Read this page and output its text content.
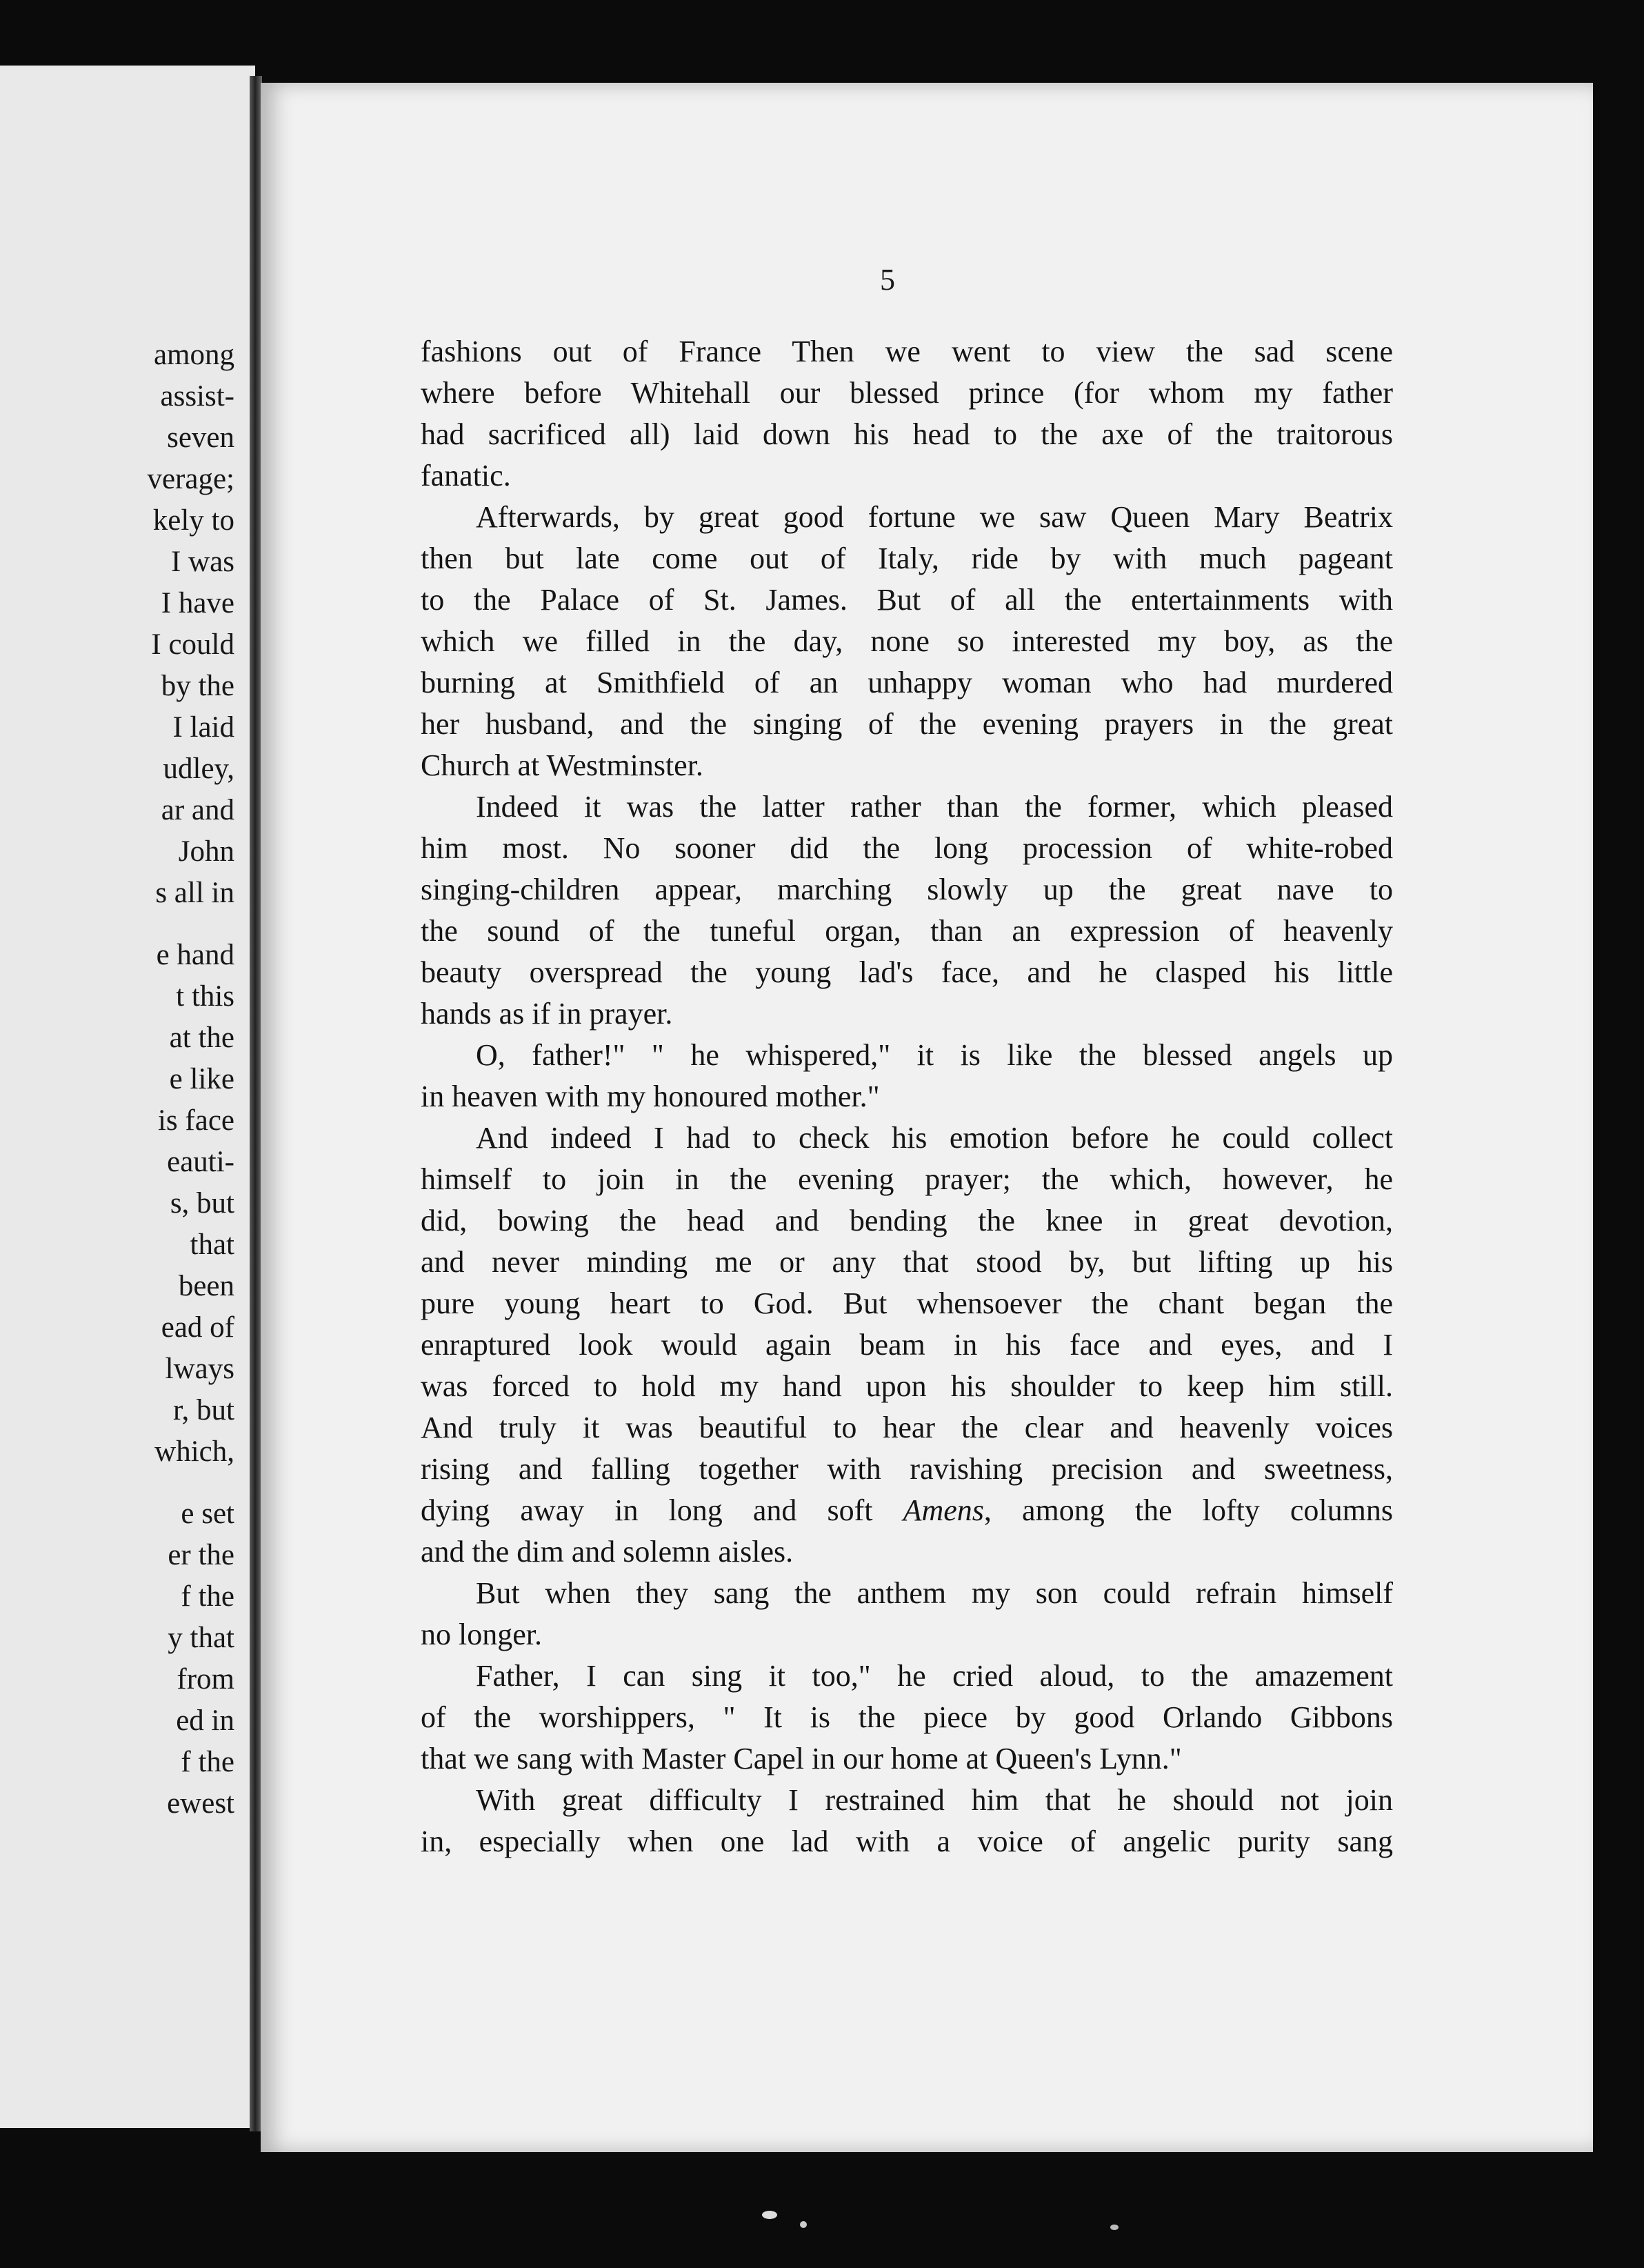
among
assist-
seven
verage;
kely to
I was
I have
I could
by the
I laid
udley,
ar and
John
s all in
e hand
t this
at the
e like
is face
eauti-
s, but
that
been
ead of
lways
r, but
which,
e set
er the
f the
y that
from
ed in
f the
ewest
5
fashions out of France Then we went to view the sad scene
where before Whitehall our blessed prince (for whom my father
had sacrificed all) laid down his head to the axe of the traitorous
fanatic.
Afterwards, by great good fortune we saw Queen Mary Beatrix
then but late come out of Italy, ride by with much pageant
to the Palace of St. James. But of all the entertainments with
which we filled in the day, none so interested my boy, as the
burning at Smithfield of an unhappy woman who had murdered
her husband, and the singing of the evening prayers in the great
Church at Westminster.
Indeed it was the latter rather than the former, which pleased
him most. No sooner did the long procession of white-robed
singing-children appear, marching slowly up the great nave to
the sound of the tuneful organ, than an expression of heavenly
beauty overspread the young lad's face, and he clasped his little
hands as if in prayer.
O, father!" " he whispered," it is like the blessed angels up
in heaven with my honoured mother."
And indeed I had to check his emotion before he could collect
himself to join in the evening prayer; the which, however, he
did, bowing the head and bending the knee in great devotion,
and never minding me or any that stood by, but lifting up his
pure young heart to God. But whensoever the chant began the
enraptured look would again beam in his face and eyes, and I
was forced to hold my hand upon his shoulder to keep him still.
And truly it was beautiful to hear the clear and heavenly voices
rising and falling together with ravishing precision and sweetness,
dying away in long and soft Amens, among the lofty columns
and the dim and solemn aisles.
But when they sang the anthem my son could refrain himself
no longer.
Father, I can sing it too," he cried aloud, to the amazement
of the worshippers, " It is the piece by good Orlando Gibbons
that we sang with Master Capel in our home at Queen's Lynn."
With great difficulty I restrained him that he should not join
in, especially when one lad with a voice of angelic purity sang
